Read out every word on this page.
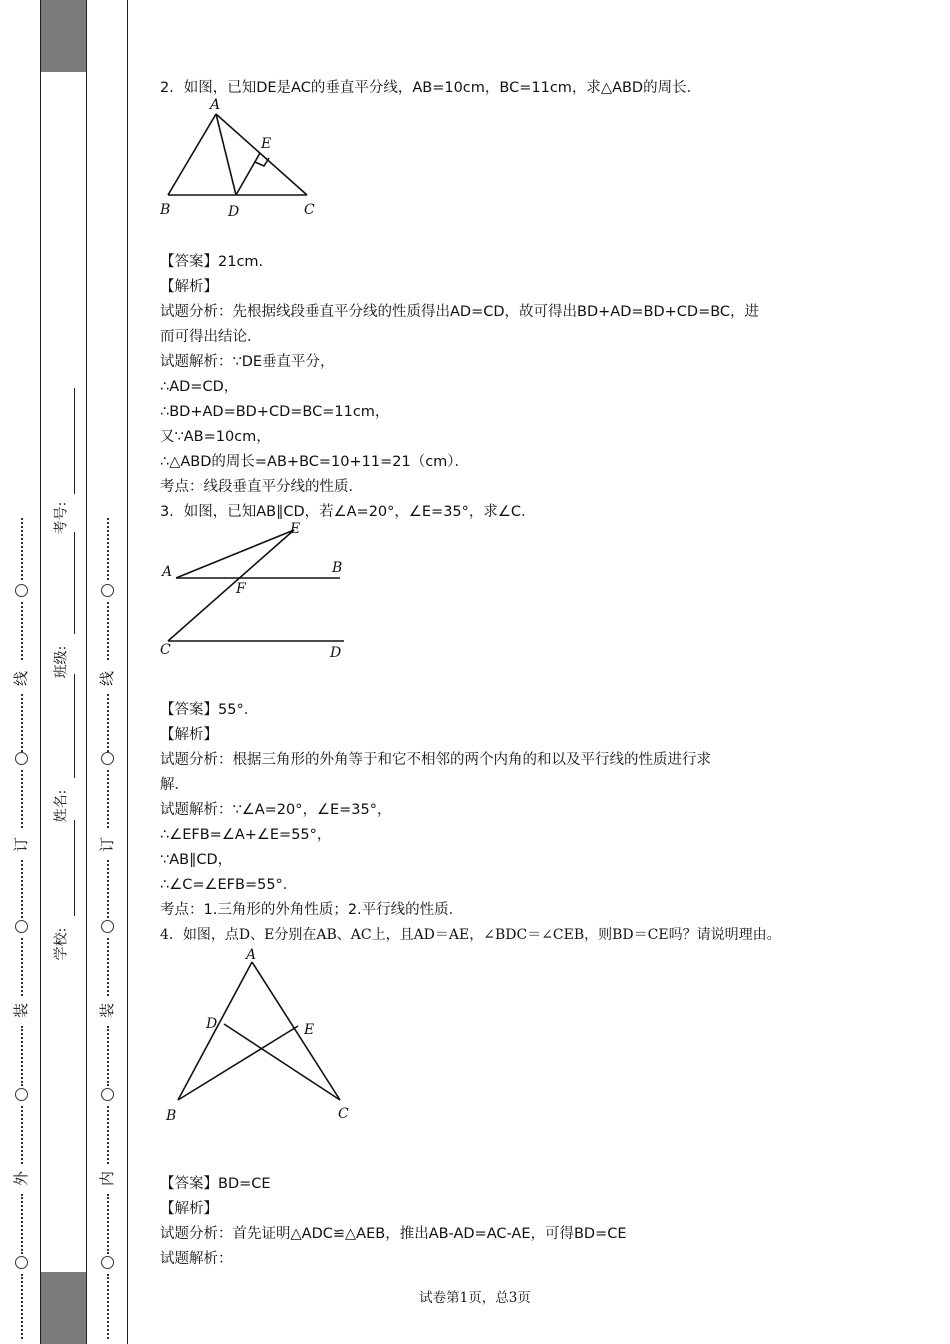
线
订
装
外
线
订
装
内
考号:
班级:
姓名:
学校:
2．如图，已知DE是AC的垂直平分线，AB=10cm，BC=11cm，求△ABD的周长．
A
B	D	C
E
【答案】21cm.
【解析】
试题分析：先根据线段垂直平分线的性质得出AD=CD，故可得出BD+AD=BD+CD=BC，进
而可得出结论．
试题解析：∵DE垂直平分，
∴AD=CD，
∴BD+AD=BD+CD=BC=11cm，
又∵AB=10cm，
∴△ABD的周长=AB+BC=10+11=21（cm）．
考点：线段垂直平分线的性质．
3．如图，已知AB∥CD，若∠A=20°，∠E=35°，求∠C．
E
A	B
F
C	D
【答案】55°．
【解析】
试题分析：根据三角形的外角等于和它不相邻的两个内角的和以及平行线的性质进行求
解．
试题解析：∵∠A=20°，∠E=35°，
∴∠EFB=∠A+∠E=55°，
∵AB∥CD，
∴∠C=∠EFB=55°．
考点：1.三角形的外角性质；2.平行线的性质．
4．如图，点D、E分别在AB、AC上，且AD＝AE，∠BDC＝∠CEB，则BD＝CE吗？请说明理由。
A
D	E
B	C
【答案】BD=CE
【解析】
试题分析：首先证明△ADC≌△AEB，推出AB-AD=AC-AE，可得BD=CE
试题解析：
试卷第1页，总3页
